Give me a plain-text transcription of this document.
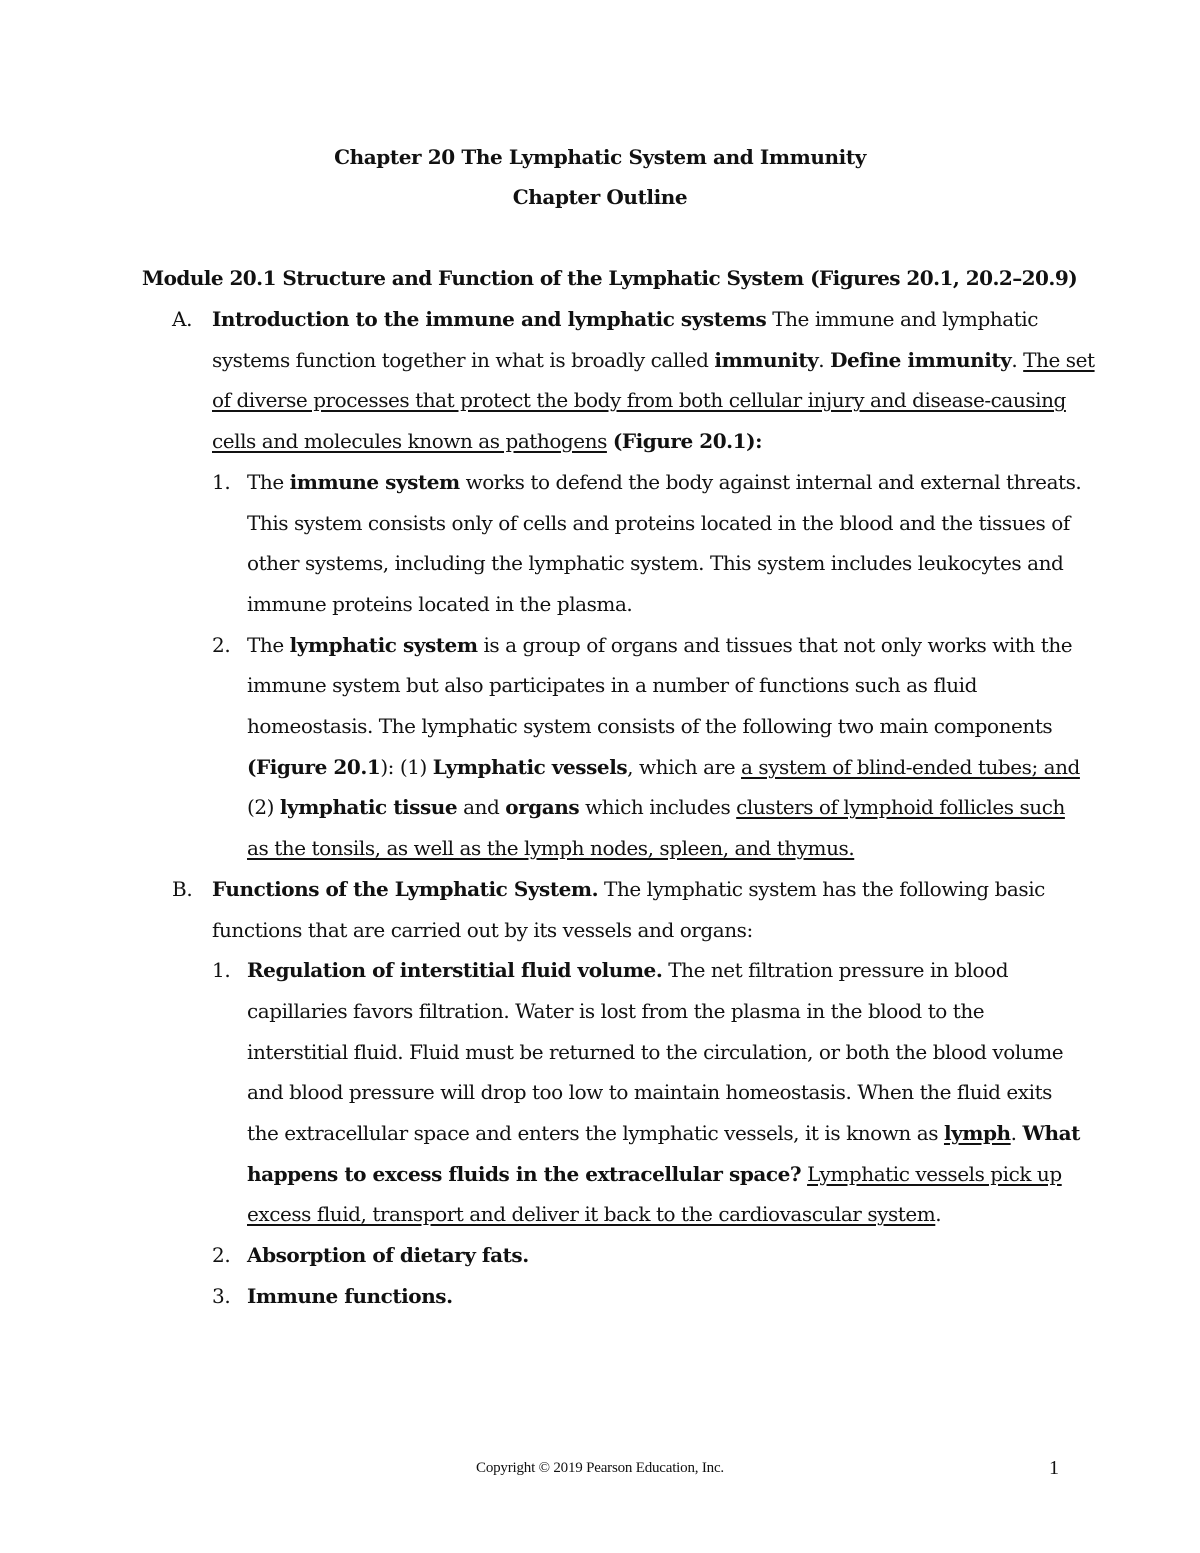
Chapter 20 The Lymphatic System and Immunity
Chapter Outline
Module 20.1 Structure and Function of the Lymphatic System (Figures 20.1, 20.2–20.9)
A. Introduction to the immune and lymphatic systems The immune and lymphatic
systems function together in what is broadly called immunity. Define immunity. The set
of diverse processes that protect the body from both cellular injury and disease-causing
cells and molecules known as pathogens (Figure 20.1):
1. The immune system works to defend the body against internal and external threats.
This system consists only of cells and proteins located in the blood and the tissues of
other systems, including the lymphatic system. This system includes leukocytes and
immune proteins located in the plasma.
2. The lymphatic system is a group of organs and tissues that not only works with the
immune system but also participates in a number of functions such as fluid
homeostasis. The lymphatic system consists of the following two main components
(Figure 20.1): (1) Lymphatic vessels, which are a system of blind-ended tubes; and
(2) lymphatic tissue and organs which includes clusters of lymphoid follicles such
as the tonsils, as well as the lymph nodes, spleen, and thymus.
B. Functions of the Lymphatic System. The lymphatic system has the following basic
functions that are carried out by its vessels and organs:
1. Regulation of interstitial fluid volume. The net filtration pressure in blood
capillaries favors filtration. Water is lost from the plasma in the blood to the
interstitial fluid. Fluid must be returned to the circulation, or both the blood volume
and blood pressure will drop too low to maintain homeostasis. When the fluid exits
the extracellular space and enters the lymphatic vessels, it is known as lymph. What
happens to excess fluids in the extracellular space? Lymphatic vessels pick up
excess fluid, transport and deliver it back to the cardiovascular system.
2. Absorption of dietary fats.
3. Immune functions.
Copyright © 2019 Pearson Education, Inc.	1
